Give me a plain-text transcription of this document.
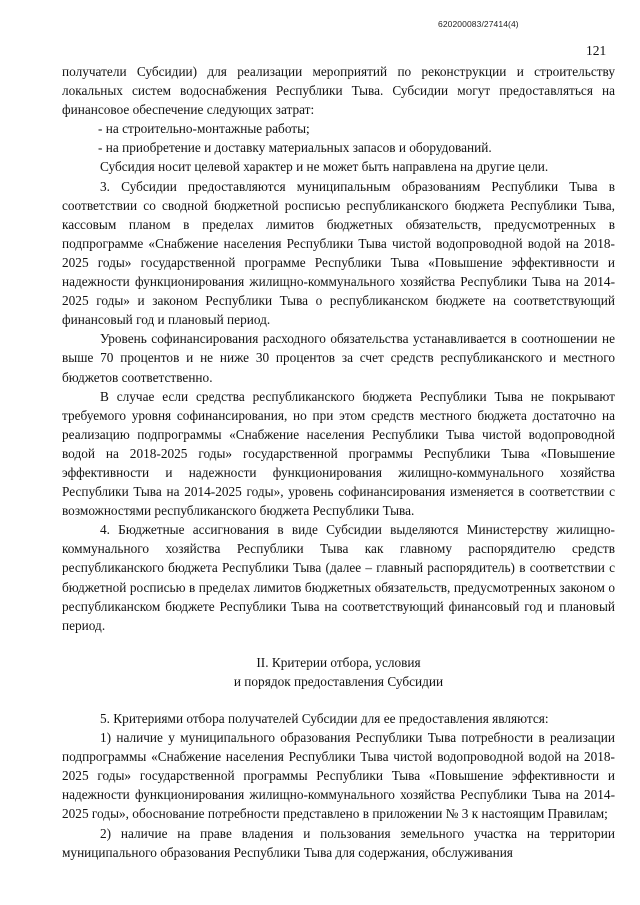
620200083/27414(4)
121

получатели Субсидии) для реализации мероприятий по реконструкции и строительству локальных систем водоснабжения Республики Тыва. Субсидии могут предоставляться на финансовое обеспечение следующих затрат:

- на строительно-монтажные работы;

- на приобретение и доставку материальных запасов и оборудований.

Субсидия носит целевой характер и не может быть направлена на другие цели.

3. Субсидии предоставляются муниципальным образованиям Республики Тыва в соответствии со сводной бюджетной росписью республиканского бюджета Республики Тыва, кассовым планом в пределах лимитов бюджетных обязательств, предусмотренных в подпрограмме «Снабжение населения Республики Тыва чистой водопроводной водой на 2018-2025 годы» государственной программе Республики Тыва «Повышение эффективности и надежности функционирования жилищно-коммунального хозяйства Республики Тыва на 2014-2025 годы» и законом Республики Тыва о республиканском бюджете на соответствующий финансовый год и плановый период.

Уровень софинансирования расходного обязательства устанавливается в соотношении не выше 70 процентов и не ниже 30 процентов за счет средств республиканского и местного бюджетов соответственно.

В случае если средства республиканского бюджета Республики Тыва не покрывают требуемого уровня софинансирования, но при этом средств местного бюджета достаточно на реализацию подпрограммы «Снабжение населения Республики Тыва чистой водопроводной водой на 2018-2025 годы» государственной программы Республики Тыва «Повышение эффективности и надежности функционирования жилищно-коммунального хозяйства Республики Тыва на 2014-2025 годы», уровень софинансирования изменяется в соответствии с возможностями республиканского бюджета Республики Тыва.

4. Бюджетные ассигнования в виде Субсидии выделяются Министерству жилищно-коммунального хозяйства Республики Тыва как главному распорядителю средств республиканского бюджета Республики Тыва (далее – главный распорядитель) в соответствии с бюджетной росписью в пределах лимитов бюджетных обязательств, предусмотренных законом о республиканском бюджете Республики Тыва на соответствующий финансовый год и плановый период.

II. Критерии отбора, условия
и порядок предоставления Субсидии

5. Критериями отбора получателей Субсидии для ее предоставления являются:

1) наличие у муниципального образования Республики Тыва потребности в реализации подпрограммы «Снабжение населения Республики Тыва чистой водопроводной водой на 2018-2025 годы» государственной программы Республики Тыва «Повышение эффективности и надежности функционирования жилищно-коммунального хозяйства Республики Тыва на 2014-2025 годы», обоснование потребности представлено в приложении № 3 к настоящим Правилам;

2) наличие на праве владения и пользования земельного участка на территории муниципального образования Республики Тыва для содержания, обслуживания
